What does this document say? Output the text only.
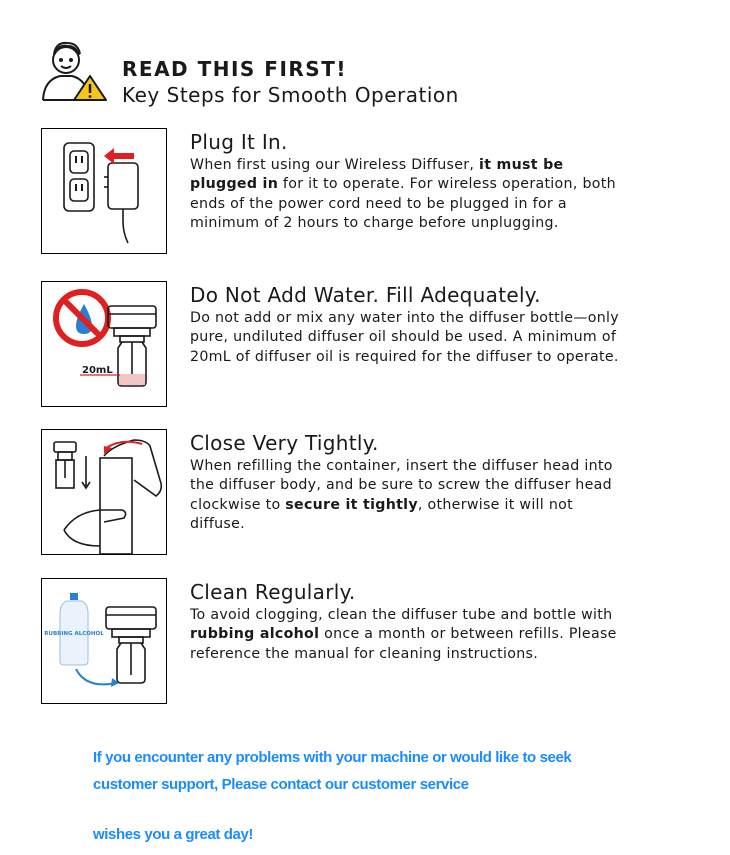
READ THIS FIRST!

Key Steps for Smooth Operation

Plug It In.

When first using our Wireless Diffuser, it must be plugged in for it to operate. For wireless operation, both ends of the power cord need to be plugged in for a minimum of 2 hours to charge before unplugging.

20mL

Do Not Add Water. Fill Adequately.

Do not add or mix any water into the diffuser bottle—only pure, undiluted diffuser oil should be used. A minimum of 20mL of diffuser oil is required for the diffuser to operate.

Close Very Tightly.

When refilling the container, insert the diffuser head into the diffuser body, and be sure to screw the diffuser head clockwise to secure it tightly, otherwise it will not diffuse.

RUBBING ALCOHOL

Clean Regularly.

To avoid clogging, clean the diffuser tube and bottle with rubbing alcohol once a month or between refills. Please reference the manual for cleaning instructions.

If you encounter any problems with your machine or would like to seek

customer support, Please contact our customer service

wishes you a great day!
